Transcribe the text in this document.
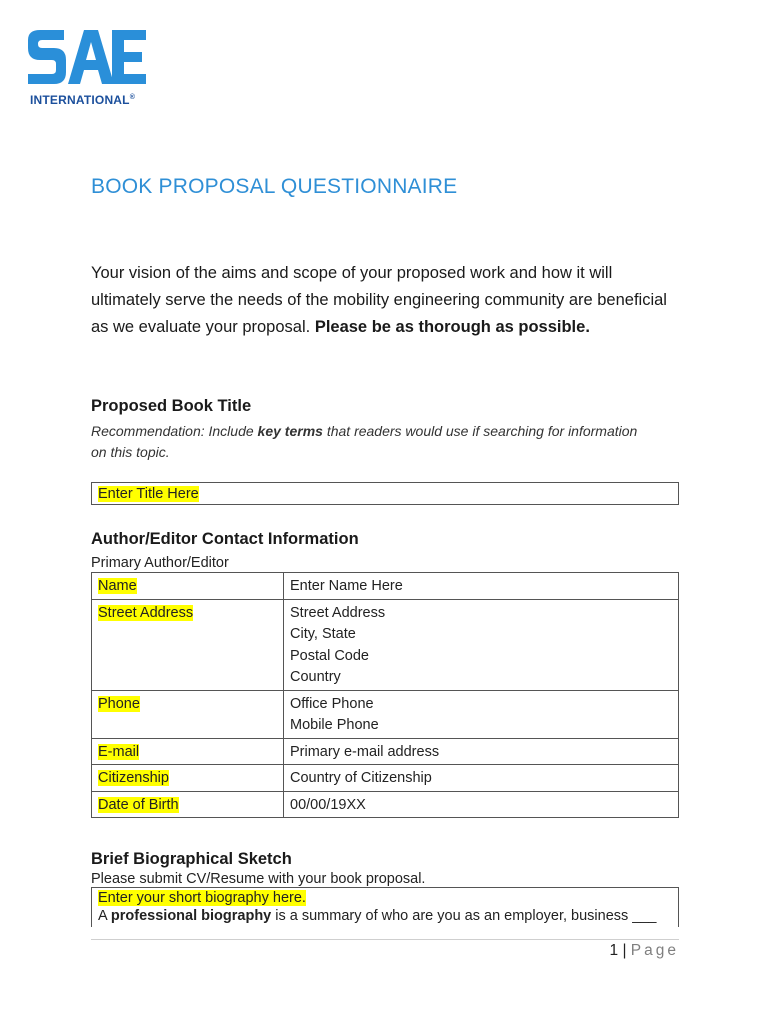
INTERNATIONAL®
BOOK PROPOSAL QUESTIONNAIRE
Your vision of the aims and scope of your proposed work and how it will ultimately serve the needs of the mobility engineering community are beneficial as we evaluate your proposal. Please be as thorough as possible.
Proposed Book Title
Recommendation: Include key terms that readers would use if searching for information on this topic.
Enter Title Here
Author/Editor Contact Information
Primary Author/Editor
Name	Enter Name Here

Street Address	Street Address
City, State
Postal Code
Country

Phone	Office Phone
Mobile Phone

E-mail	Primary e-mail address

Citizenship	Country of Citizenship

Date of Birth	00/00/19XX
Brief Biographical Sketch
Please submit CV/Resume with your book proposal.
Enter your short biography here.
A professional biography is a summary of who are you as an employer, business ___
1 | Page
